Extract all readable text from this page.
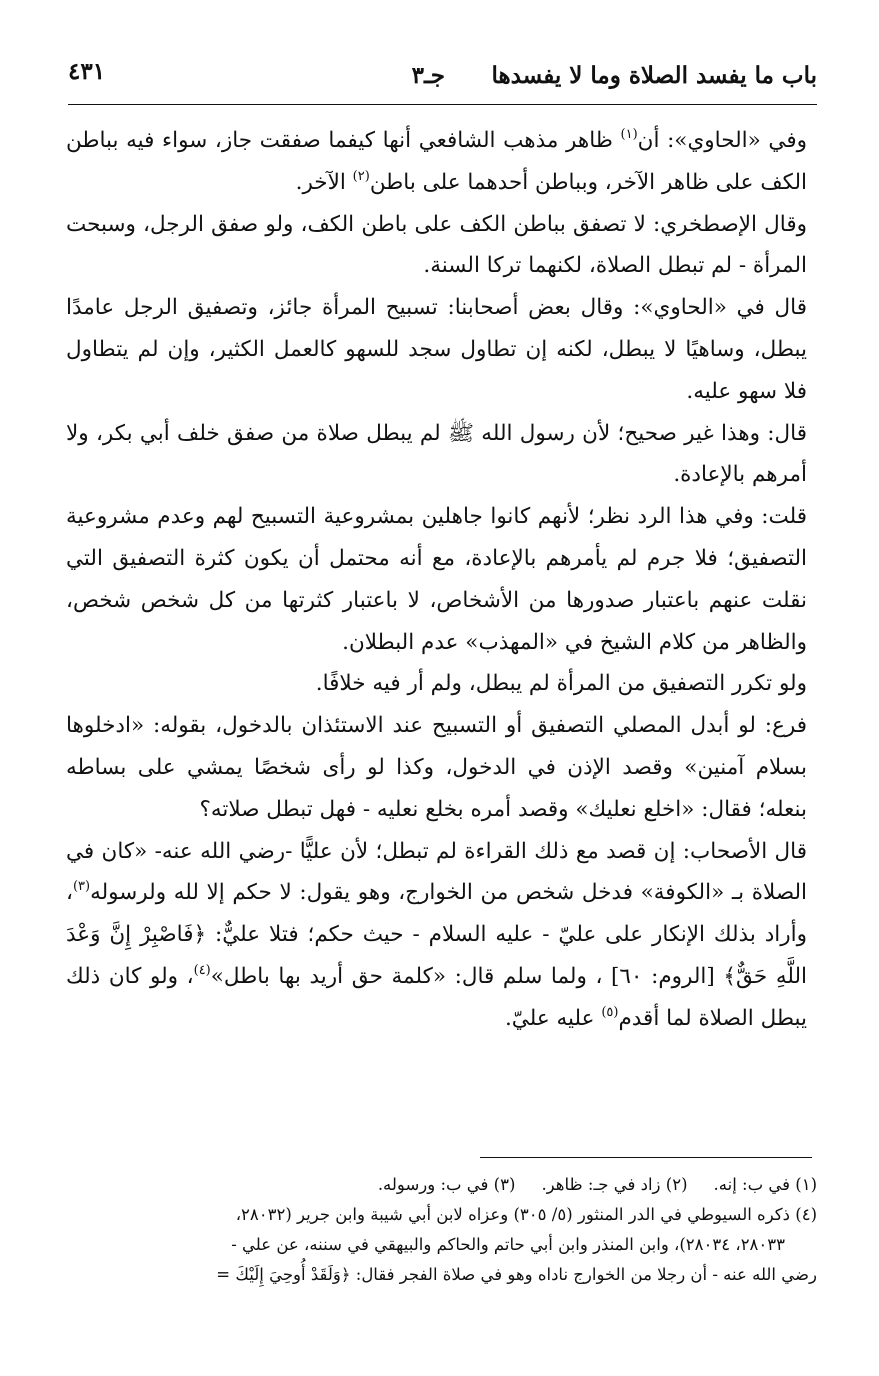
باب ما يفسد الصلاة وما لا يفسدها
جـ٣
٤٣١

وفي «الحاوي»: أن$^{(١)}$ ظاهر مذهب الشافعي أنها كيفما صفقت جاز، سواء فيه بباطن الكف على ظاهر الآخر، وبباطن أحدهما على باطن$^{(٢)}$ الآخر.

وقال الإصطخري: لا تصفق بباطن الكف على باطن الكف، ولو صفق الرجل، وسبحت المرأة - لم تبطل الصلاة، لكنهما تركا السنة.

قال في «الحاوي»: وقال بعض أصحابنا: تسبيح المرأة جائز، وتصفيق الرجل عامدًا يبطل، وساهيًا لا يبطل، لكنه إن تطاول سجد للسهو كالعمل الكثير، وإن لم يتطاول فلا سهو عليه.

قال: وهذا غير صحيح؛ لأن رسول الله ﷺ لم يبطل صلاة من صفق خلف أبي بكر، ولا أمرهم بالإعادة.

قلت: وفي هذا الرد نظر؛ لأنهم كانوا جاهلين بمشروعية التسبيح لهم وعدم مشروعية التصفيق؛ فلا جرم لم يأمرهم بالإعادة، مع أنه محتمل أن يكون كثرة التصفيق التي نقلت عنهم باعتبار صدورها من الأشخاص، لا باعتبار كثرتها من كل شخص شخص، والظاهر من كلام الشيخ في «المهذب» عدم البطلان.

ولو تكرر التصفيق من المرأة لم يبطل، ولم أر فيه خلافًا.

فرع: لو أبدل المصلي التصفيق أو التسبيح عند الاستئذان بالدخول، بقوله: «ادخلوها بسلام آمنين» وقصد الإذن في الدخول، وكذا لو رأى شخصًا يمشي على بساطه بنعله؛ فقال: «اخلع نعليك» وقصد أمره بخلع نعليه - فهل تبطل صلاته؟

قال الأصحاب: إن قصد مع ذلك القراءة لم تبطل؛ لأن عليًّا -رضي الله عنه- «كان في الصلاة بـ «الكوفة» فدخل شخص من الخوارج، وهو يقول: لا حكم إلا لله ولرسوله$^{(٣)}$، وأراد بذلك الإنكار على عليّ - عليه السلام - حيث حكم؛ فتلا عليٌّ: ﴿فَاصْبِرْ إِنَّ وَعْدَ اللَّهِ حَقٌّ﴾ [الروم: ٦٠] ، ولما سلم قال: «كلمة حق أريد بها باطل»$^{(٤)}$، ولو كان ذلك يبطل الصلاة لما أقدم$^{(٥)}$ عليه عليّ.

(١) في ب: إنه.
(٢) زاد في جـ: ظاهر.
(٣) في ب: ورسوله.
(٤) ذكره السيوطي في الدر المنثور (٥/ ٣٠٥) وعزاه لابن أبي شيبة وابن جرير (٢٨٠٣٢،
٢٨٠٣٣، ٢٨٠٣٤)، وابن المنذر وابن أبي حاتم والحاكم والبيهقي في سننه، عن علي -
رضي الله عنه - أن رجلا من الخوارج ناداه وهو في صلاة الفجر فقال: ﴿وَلَقَدْ أُوحِيَ إِلَيْكَ =
